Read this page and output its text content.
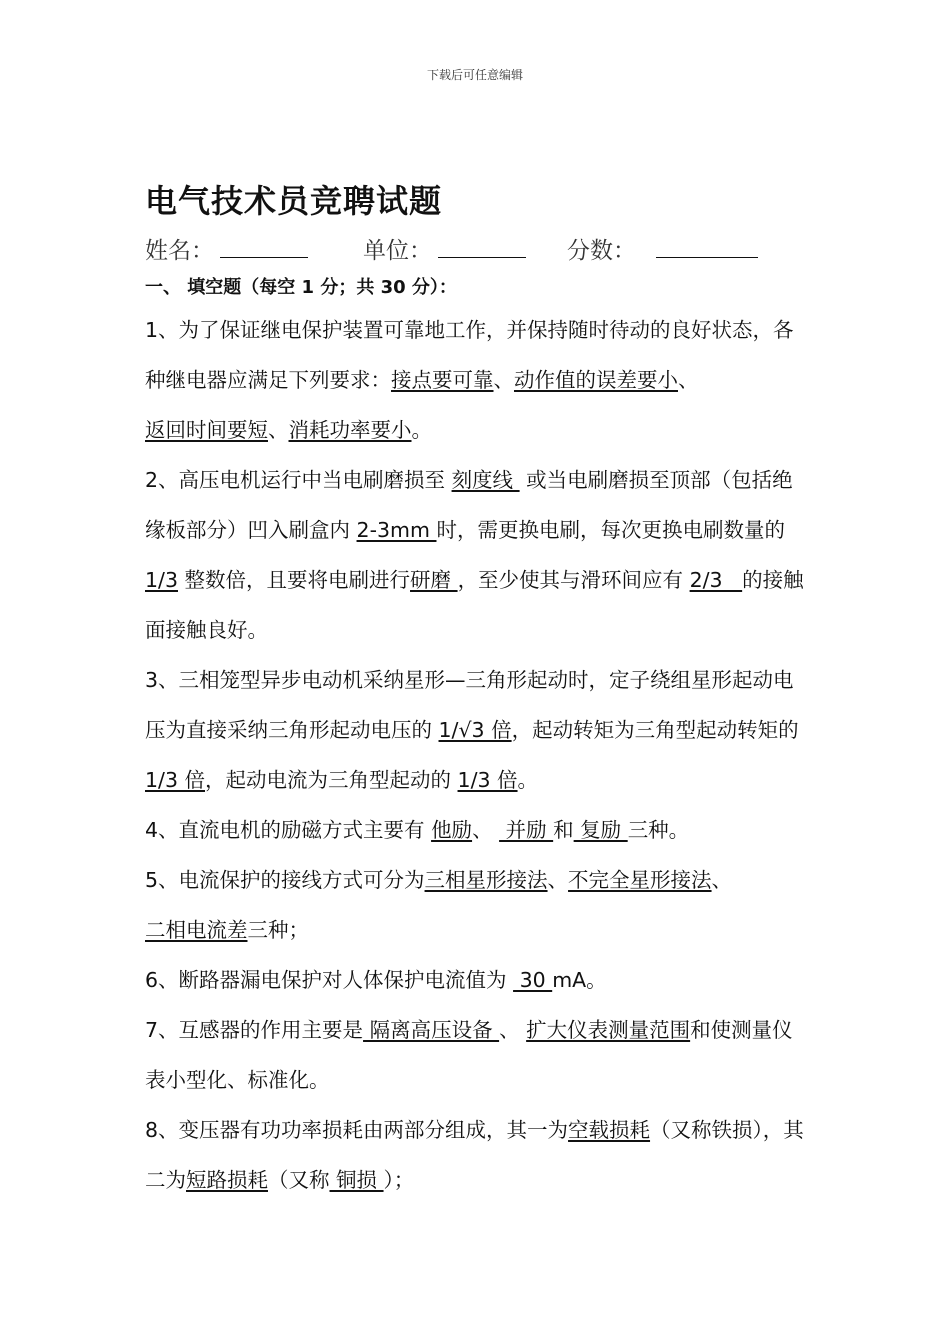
下载后可任意编辑
电气技术员竞聘试题
姓名：	单位：	分数：
一、 填空题（每空 1 分；共 30 分）：

1、为了保证继电保护装置可靠地工作，并保持随时待动的良好状态，各种继电器应满足下列要求：接点要可靠、动作值的误差要小、返回时间要短、消耗功率要小。

2、高压电机运行中当电刷磨损至 刻度线  或当电刷磨损至顶部（包括绝缘板部分）凹入刷盒内 2-3mm 时，需更换电刷，每次更换电刷数量的 1/3 整数倍，且要将电刷进行研磨 ，至少使其与滑环间应有 2/3   的接触面接触良好。

3、三相笼型异步电动机采纳星形—三角形起动时，定子绕组星形起动电压为直接采纳三角形起动电压的 1/√3 倍，起动转矩为三角型起动转矩的 1/3 倍，起动电流为三角型起动的 1/3 倍。

4、直流电机的励磁方式主要有 他励、  并励 和 复励 三种。

5、电流保护的接线方式可分为三相星形接法、不完全星形接法、二相电流差三种；

6、断路器漏电保护对人体保护电流值为  30 mA。

7、互感器的作用主要是 隔离高压设备 、 扩大仪表测量范围和使测量仪表小型化、标准化。

8、变压器有功功率损耗由两部分组成，其一为空载损耗（又称铁损），其二为短路损耗（又称 铜损 ）；
